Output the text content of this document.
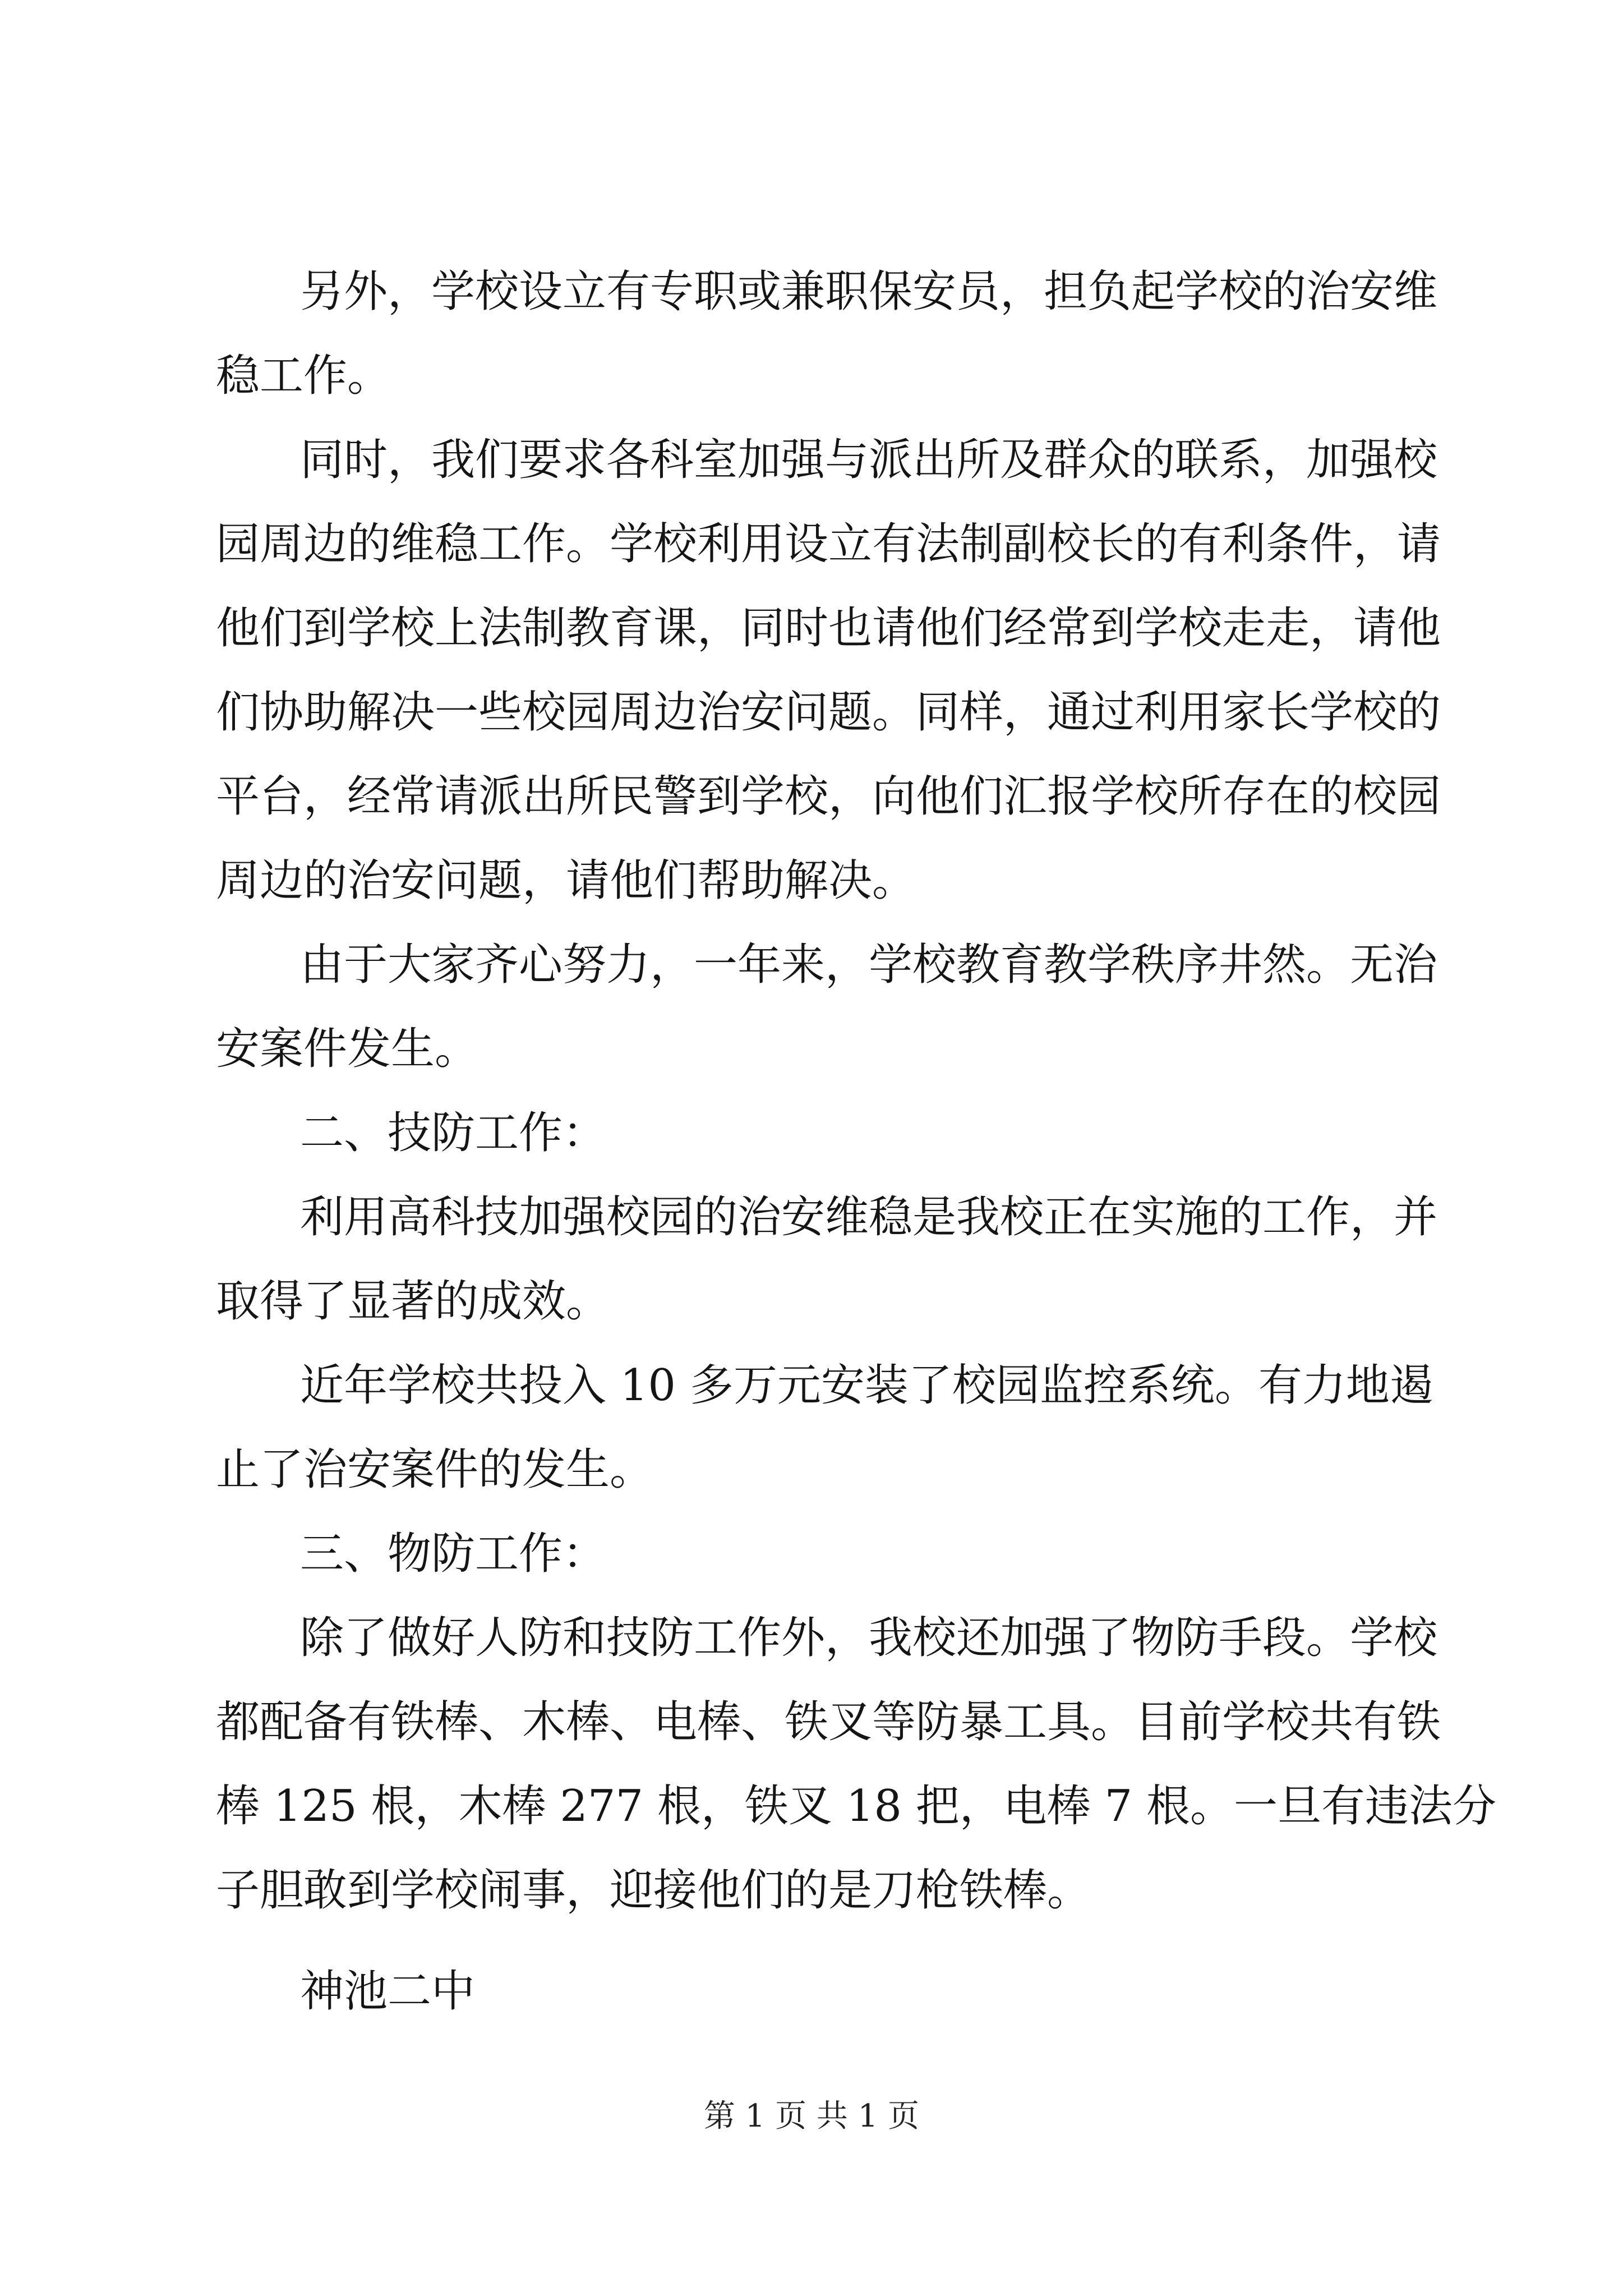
另外，学校设立有专职或兼职保安员，担负起学校的治安维
稳工作。
同时，我们要求各科室加强与派出所及群众的联系，加强校
园周边的维稳工作。学校利用设立有法制副校长的有利条件，请
他们到学校上法制教育课，同时也请他们经常到学校走走，请他
们协助解决一些校园周边治安问题。同样，通过利用家长学校的
平台，经常请派出所民警到学校，向他们汇报学校所存在的校园
周边的治安问题，请他们帮助解决。
由于大家齐心努力，一年来，学校教育教学秩序井然。无治
安案件发生。
二、技防工作：
利用高科技加强校园的治安维稳是我校正在实施的工作，并
取得了显著的成效。
近年学校共投入 10 多万元安装了校园监控系统。有力地遏
止了治安案件的发生。
三、物防工作：
除了做好人防和技防工作外，我校还加强了物防手段。学校
都配备有铁棒、木棒、电棒、铁叉等防暴工具。目前学校共有铁
棒 125 根，木棒 277 根，铁叉 18 把，电棒 7 根。一旦有违法分
子胆敢到学校闹事，迎接他们的是刀枪铁棒。
神池二中
第 1 页 共 1 页
